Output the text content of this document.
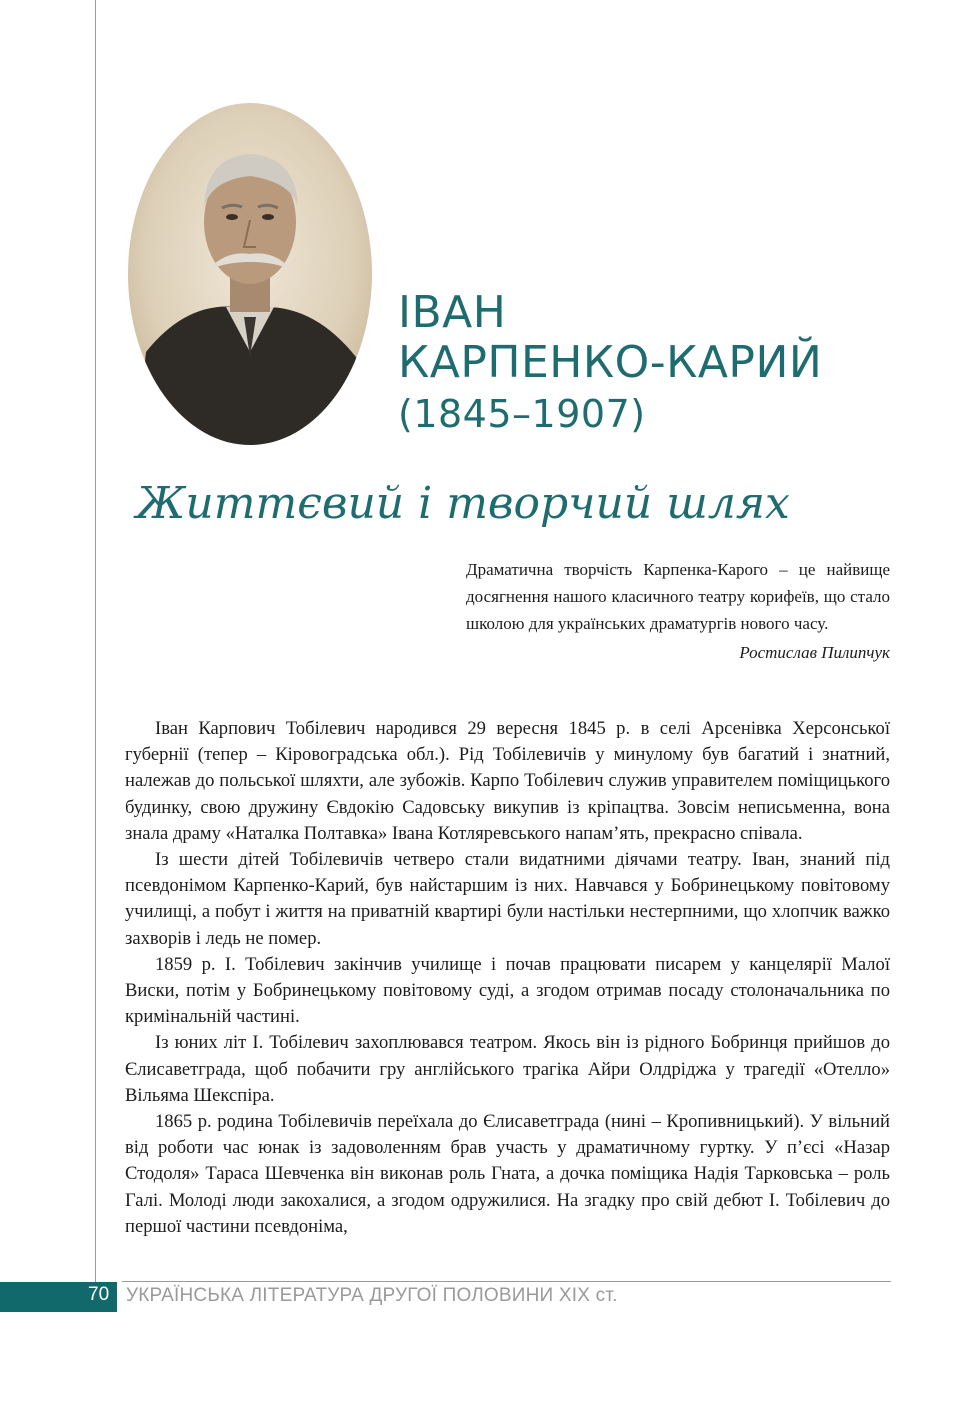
ІВАН
КАРПЕНКО-КАРИЙ
(1845–1907)
Життєвий і творчий шлях
Драматична творчість Карпенка-Карого – це найвище досягнення нашого класичного театру корифеїв, що стало школою для українських драматургів нового часу.
Ростислав Пилипчук

Іван Карпович Тобілевич народився 29 вересня 1845 р. в селі Арсенівка Херсонської губернії (тепер – Кіровоградська обл.). Рід Тобілевичів у минулому був багатий і знатний, належав до польської шляхти, але зубожів. Карпо Тобілевич служив управителем поміщицького будинку, свою дружину Євдокію Садовську викупив із кріпацтва. Зовсім неписьменна, вона знала драму «Наталка Полтавка» Івана Котляревського напам’ять, прекрасно співала.

Із шести дітей Тобілевичів четверо стали видатними діячами театру. Іван, знаний під псевдонімом Карпенко-Карий, був найстаршим із них. Навчався у Бобринецькому повітовому училищі, а побут і життя на приватній квартирі були настільки нестерпними, що хлопчик важко захворів і ледь не помер.

1859 р. І. Тобілевич закінчив училище і почав працювати писарем у канцелярії Малої Виски, потім у Бобринецькому повітовому суді, а згодом отримав посаду столоначальника по кримінальній частині.

Із юних літ І. Тобілевич захоплювався театром. Якось він із рідного Бобринця прийшов до Єлисаветграда, щоб побачити гру англійського трагіка Айри Олдріджа у трагедії «Отелло» Вільяма Шекспіра.

1865 р. родина Тобілевичів переїхала до Єлисаветграда (нині – Кропивницький). У вільний від роботи час юнак із задоволенням брав участь у драматичному гуртку. У п’єсі «Назар Стодоля» Тараса Шевченка він виконав роль Гната, а дочка поміщика Надія Тарковська – роль Галі. Молоді люди закохалися, а згодом одружилися. На згадку про свій дебют І. Тобілевич до першої частини псевдоніма,

70 УКРАЇНСЬКА ЛІТЕРАТУРА ДРУГОЇ ПОЛОВИНИ XIX ст.
